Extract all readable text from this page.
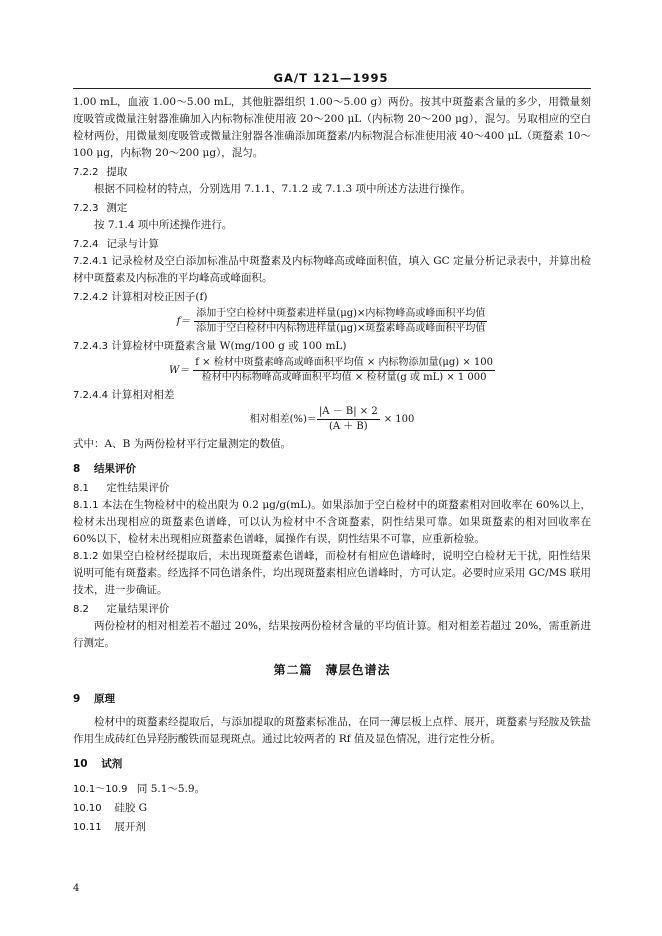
GA/T 121—1995
1.00 mL，血液 1.00～5.00 mL，其他脏器组织 1.00～5.00 g）两份。按其中斑蝥素含量的多少，用微量刻度吸管或微量注射器准确加入内标物标准使用液 20～200 μL（内标物 20～200 μg），混匀。另取相应的空白检材两份，用微量刻度吸管或微量注射器各准确添加斑蝥素/内标物混合标准使用液 40～400 μL（斑蝥素 10～100 μg，内标物 20～200 μg），混匀。
7.2.2 提取
根据不同检材的特点，分别选用 7.1.1、7.1.2 或 7.1.3 项中所述方法进行操作。
7.2.3 测定
按 7.1.4 项中所述操作进行。
7.2.4 记录与计算
7.2.4.1 记录检材及空白添加标准品中斑蝥素及内标物峰高或峰面积值，填入 GC 定量分析记录表中，并算出检材中斑蝥素及内标准的平均峰高或峰面积。
7.2.4.2 计算相对校正因子(f)
$f= \frac{\text{添加于空白检材中斑蝥素进样量(μg)×内标物峰高或峰面积平均值}}{\text{添加于空白检材中内标物进样量(μg)×斑蝥素峰高或峰面积平均值}}$
7.2.4.3 计算检材中斑蝥素含量 W(mg/100 g 或 100 mL)
$W= \frac{\text{f × 检材中斑蝥素峰高或峰面积平均值 × 内标物添加量(μg) × 100}}{\text{检材中内标物峰高或峰面积平均值 × 检材量(g 或 mL) × 1 000}}$
7.2.4.4 计算相对相差
相对相差(%)＝ $\frac{|A - B| \times 2}{(A + B)} \times 100$
式中：A、B 为两份检材平行定量测定的数值。
8 结果评价
8.1 定性结果评价
8.1.1 本法在生物检材中的检出限为 0.2 μg/g(mL)。如果添加于空白检材中的斑蝥素相对回收率在 60%以上，检材未出现相应的斑蝥素色谱峰，可以认为检材中不含斑蝥素，阴性结果可靠。如果斑蝥素的相对回收率在 60%以下，检材未出现相应斑蝥素色谱峰，属操作有误，阴性结果不可靠，应重新检验。
8.1.2 如果空白检材经提取后，未出现斑蝥素色谱峰，而检材有相应色谱峰时，说明空白检材无干扰，阳性结果说明可能有斑蝥素。经选择不同色谱条件，均出现斑蝥素相应色谱峰时，方可认定。必要时应采用 GC/MS 联用技术，进一步确证。
8.2 定量结果评价
两份检材的相对相差若不超过 20%，结果按两份检材含量的平均值计算。相对相差若超过 20%，需重新进行测定。
第二篇　薄层色谱法
9 原理
检材中的斑蝥素经提取后，与添加提取的斑蝥素标准品，在同一薄层板上点样、展开，斑蝥素与羟胺及铁盐作用生成砖红色异羟肟酸铁而显现斑点。通过比较两者的 Rf 值及显色情况，进行定性分析。
10 试剂
10.1～10.9 同 5.1～5.9。
10.10 硅胶 G
10.11 展开剂
4
